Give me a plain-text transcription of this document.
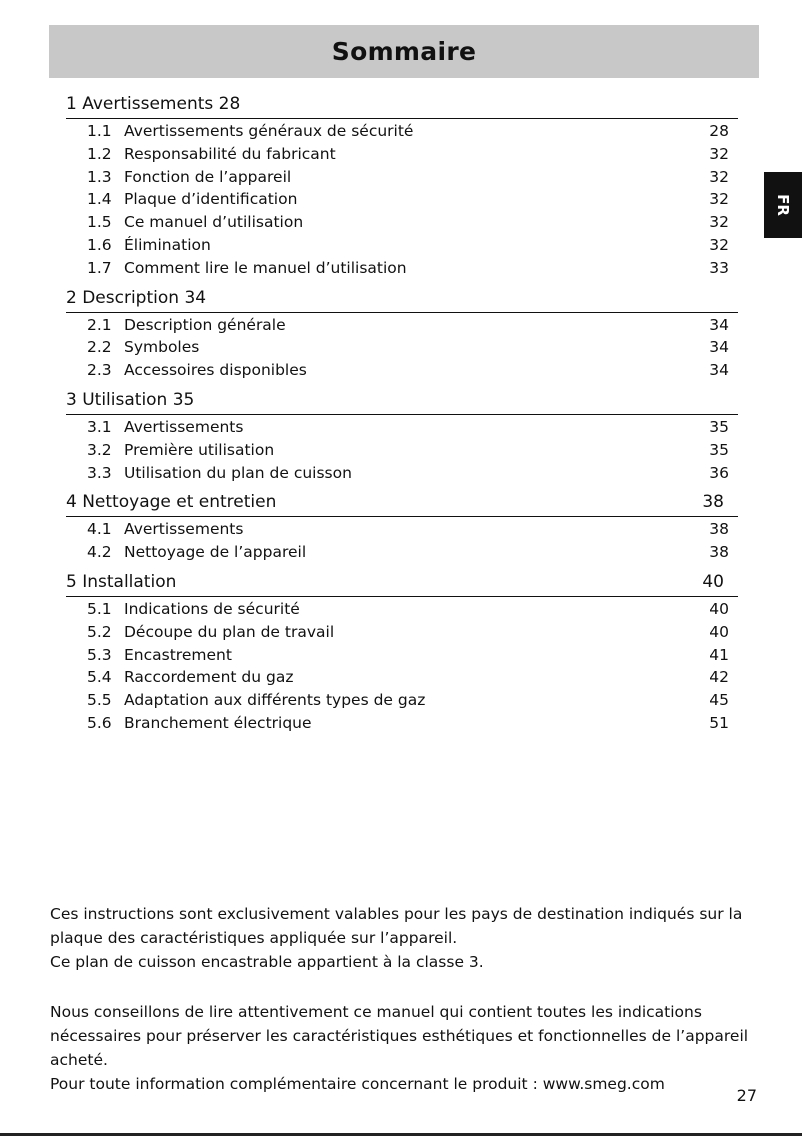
Sommaire
FR
1 Avertissements 28
1.1 Avertissements généraux de sécurité	28
1.2 Responsabilité du fabricant	32
1.3 Fonction de l’appareil	32
1.4 Plaque d’identification	32
1.5 Ce manuel d’utilisation	32
1.6 Élimination	32
1.7 Comment lire le manuel d’utilisation	33
2 Description 34
2.1 Description générale	34
2.2 Symboles	34
2.3 Accessoires disponibles	34
3 Utilisation 35
3.1 Avertissements	35
3.2 Première utilisation	35
3.3 Utilisation du plan de cuisson	36
4 Nettoyage et entretien	38
4.1 Avertissements	38
4.2 Nettoyage de l’appareil	38
5 Installation	40
5.1 Indications de sécurité	40
5.2 Découpe du plan de travail	40
5.3 Encastrement	41
5.4 Raccordement du gaz	42
5.5 Adaptation aux différents types de gaz	45
5.6 Branchement électrique	51

Ces instructions sont exclusivement valables pour les pays de destination indiqués sur la plaque des caractéristiques appliquée sur l’appareil.

Ce plan de cuisson encastrable appartient à la classe 3.

Nous conseillons de lire attentivement ce manuel qui contient toutes les indications nécessaires pour préserver les caractéristiques esthétiques et fonctionnelles de l’appareil acheté.

Pour toute information complémentaire concernant le produit : www.smeg.com

27
